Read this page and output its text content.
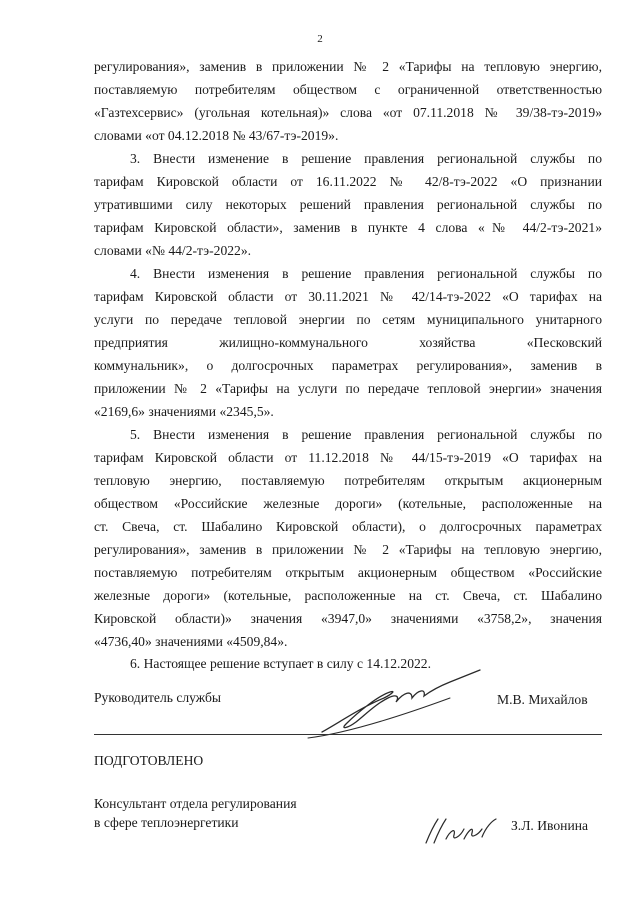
2
регулирования», заменив в приложении № 2 «Тарифы на тепловую энергию,
поставляемую потребителям обществом с ограниченной ответственностью
«Газтехсервис» (угольная котельная)» слова «от 07.11.2018 № 39/38-тэ-2019»
словами «от 04.12.2018 № 43/67-тэ-2019».
3. Внести изменение в решение правления региональной службы по
тарифам Кировской области от 16.11.2022 № 42/8-тэ-2022 «О признании
утратившими силу некоторых решений правления региональной службы по
тарифам Кировской области», заменив в пункте 4 слова «№ 44/2-тэ-2021»
словами «№ 44/2-тэ-2022».
4. Внести изменения в решение правления региональной службы по
тарифам Кировской области от 30.11.2021 № 42/14-тэ-2022 «О тарифах на
услуги по передаче тепловой энергии по сетям муниципального унитарного
предприятия жилищно-коммунального хозяйства «Песковский
коммунальник», о долгосрочных параметрах регулирования», заменив в
приложении № 2 «Тарифы на услуги по передаче тепловой энергии» значения
«2169,6» значениями «2345,5».
5. Внести изменения в решение правления региональной службы по
тарифам Кировской области от 11.12.2018 № 44/15-тэ-2019 «О тарифах на
тепловую энергию, поставляемую потребителям открытым акционерным
обществом «Российские железные дороги» (котельные, расположенные на
ст. Свеча, ст. Шабалино Кировской области), о долгосрочных параметрах
регулирования», заменив в приложении № 2 «Тарифы на тепловую энергию,
поставляемую потребителям открытым акционерным обществом «Российские
железные дороги» (котельные, расположенные на ст. Свеча, ст. Шабалино
Кировской области)» значения «3947,0» значениями «3758,2», значения
«4736,40» значениями «4509,84».
6. Настоящее решение вступает в силу с 14.12.2022.
Руководитель службы	М.В. Михайлов
ПОДГОТОВЛЕНО
Консультант отдела регулирования
в сфере теплоэнергетики	З.Л. Ивонина
